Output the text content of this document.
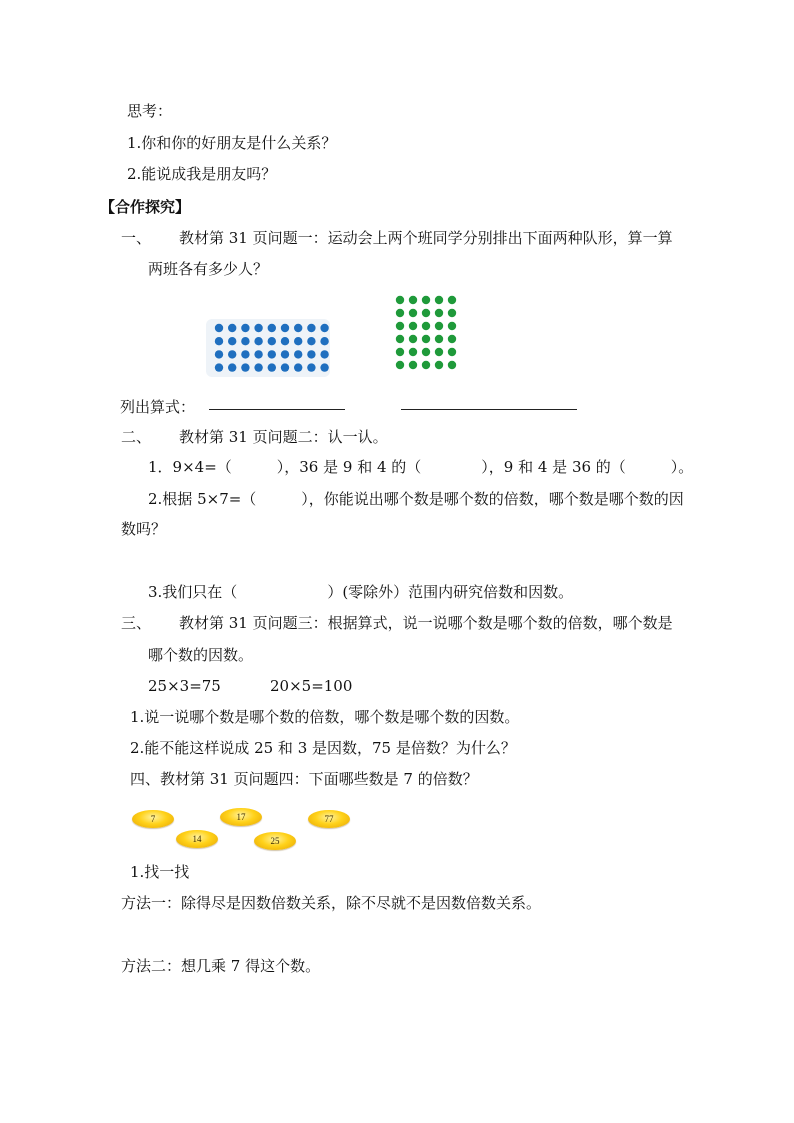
思考：
1.你和你的好朋友是什么关系？
2.能说成我是朋友吗？
【合作探究】
一、 教材第 31 页问题一：运动会上两个班同学分别排出下面两种队形，算一算
两班各有多少人？
列出算式：
二、 教材第 31 页问题二：认一认。
1．9×4=（　　　），36 是 9 和 4 的（　　　　），9 和 4 是 36 的（　　　）。
2.根据 5×7=（　　　），你能说出哪个数是哪个数的倍数，哪个数是哪个数的因
数吗？
3.我们只在（　　　　　　）(零除外）范围内研究倍数和因数。
三、 教材第 31 页问题三：根据算式，说一说哪个数是哪个数的倍数，哪个数是
哪个数的因数。
25×3=75	20×5=100
1.说一说哪个数是哪个数的倍数，哪个数是哪个数的因数。
2.能不能这样说成 25 和 3 是因数，75 是倍数？为什么？
四、教材第 31 页问题四：下面哪些数是 7 的倍数？
7
14
17
25
77
1.找一找
方法一：除得尽是因数倍数关系，除不尽就不是因数倍数关系。
方法二：想几乘 7 得这个数。
